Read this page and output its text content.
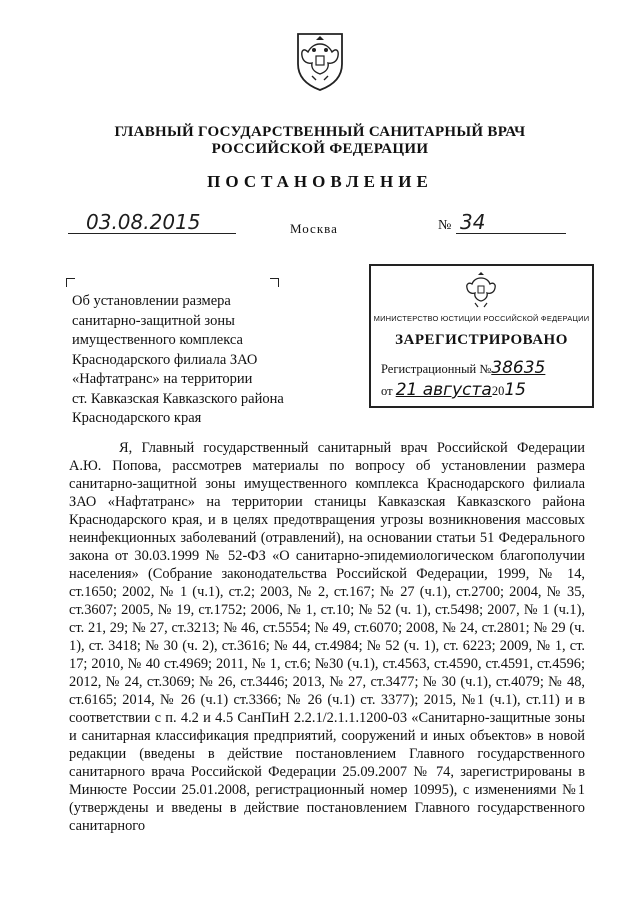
ГЛАВНЫЙ ГОСУДАРСТВЕННЫЙ САНИТАРНЫЙ ВРАЧ
РОССИЙСКОЙ ФЕДЕРАЦИИ
ПОСТАНОВЛЕНИЕ
03.08.2015	Москва	№ 34
Об установлении размера
санитарно-защитной зоны
имущественного комплекса
Краснодарского филиала ЗАО
«Нафтатранс» на территории
ст. Кавказская Кавказского района
Краснодарского края
МИНИСТЕРСТВО ЮСТИЦИИ РОССИЙСКОЙ ФЕДЕРАЦИИ
ЗАРЕГИСТРИРОВАНО
Регистрационный №38635
от 21 августа2015

Я, Главный государственный санитарный врач Российской Федерации А.Ю. Попова, рассмотрев материалы по вопросу об установлении размера санитарно-защитной зоны имущественного комплекса Краснодарского филиала ЗАО «Нафтатранс» на территории станицы Кавказская Кавказского района Краснодарского края, и в целях предотвращения угрозы возникновения массовых неинфекционных заболеваний (отравлений), на основании статьи 51 Федерального закона от 30.03.1999 № 52-ФЗ «О санитарно-эпидемиологическом благополучии населения» (Собрание законодательства Российской Федерации, 1999, № 14, ст.1650; 2002, № 1 (ч.1), ст.2; 2003, № 2, ст.167; № 27 (ч.1), ст.2700; 2004, № 35, ст.3607; 2005, № 19, ст.1752; 2006, № 1, ст.10; № 52 (ч. 1), ст.5498; 2007, № 1 (ч.1), ст. 21, 29; № 27, ст.3213; № 46, ст.5554; № 49, ст.6070; 2008, № 24, ст.2801; № 29 (ч. 1), ст. 3418; № 30 (ч. 2), ст.3616; № 44, ст.4984; № 52 (ч. 1), ст. 6223; 2009, № 1, ст. 17; 2010, № 40 ст.4969; 2011, № 1, ст.6; №30 (ч.1), ст.4563, ст.4590, ст.4591, ст.4596; 2012, № 24, ст.3069; № 26, ст.3446; 2013, № 27, ст.3477; № 30 (ч.1), ст.4079; № 48, ст.6165; 2014, № 26 (ч.1) ст.3366; № 26 (ч.1) ст. 3377); 2015, №1 (ч.1), ст.11) и в соответствии с п. 4.2 и 4.5 СанПиН 2.2.1/2.1.1.1200-03 «Санитарно-защитные зоны и санитарная классификация предприятий, сооружений и иных объектов» в новой редакции (введены в действие постановлением Главного государственного санитарного врача Российской Федерации 25.09.2007 № 74, зарегистрированы в Минюсте России 25.01.2008, регистрационный номер 10995), с изменениями №1 (утверждены и введены в действие постановлением Главного государственного санитарного
